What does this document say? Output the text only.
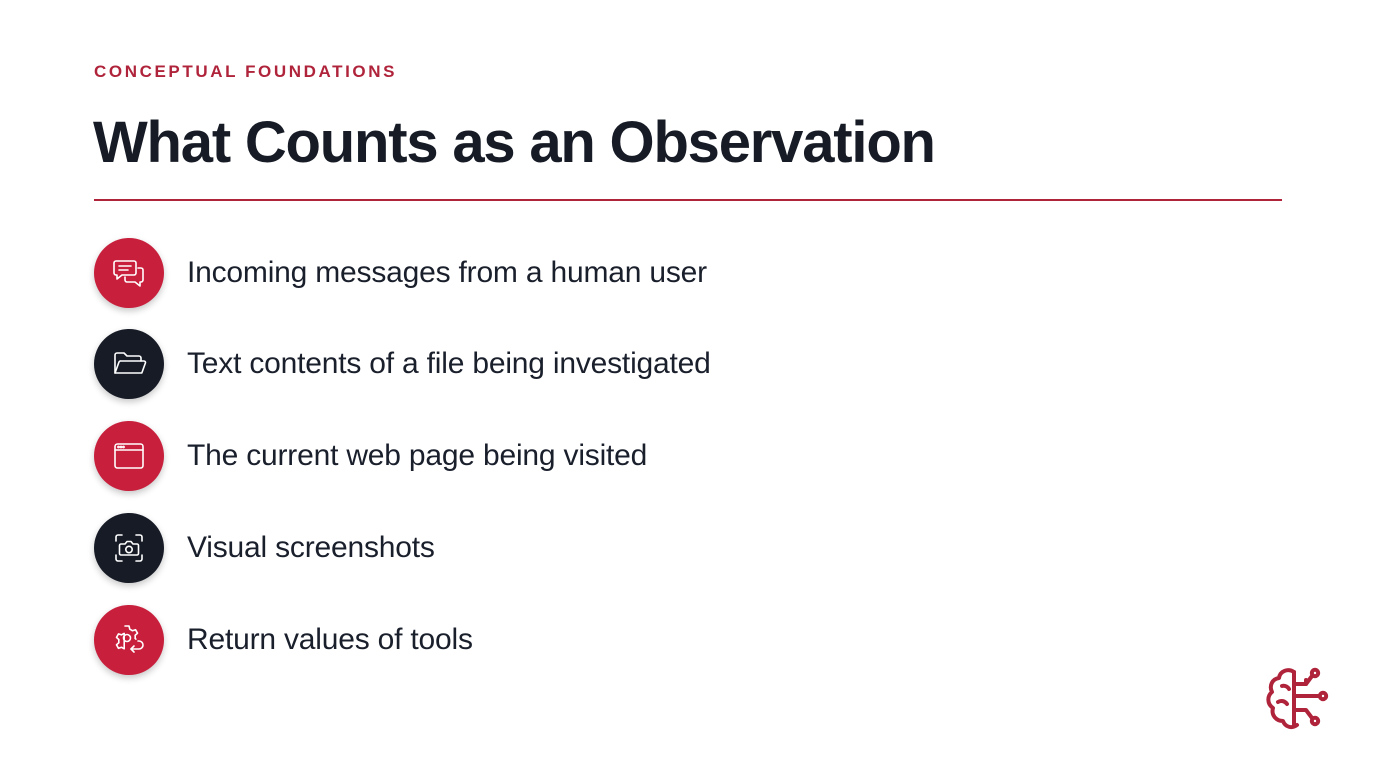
CONCEPTUAL FOUNDATIONS
What Counts as an Observation
Incoming messages from a human user
Text contents of a file being investigated
The current web page being visited
Visual screenshots
Return values of tools
